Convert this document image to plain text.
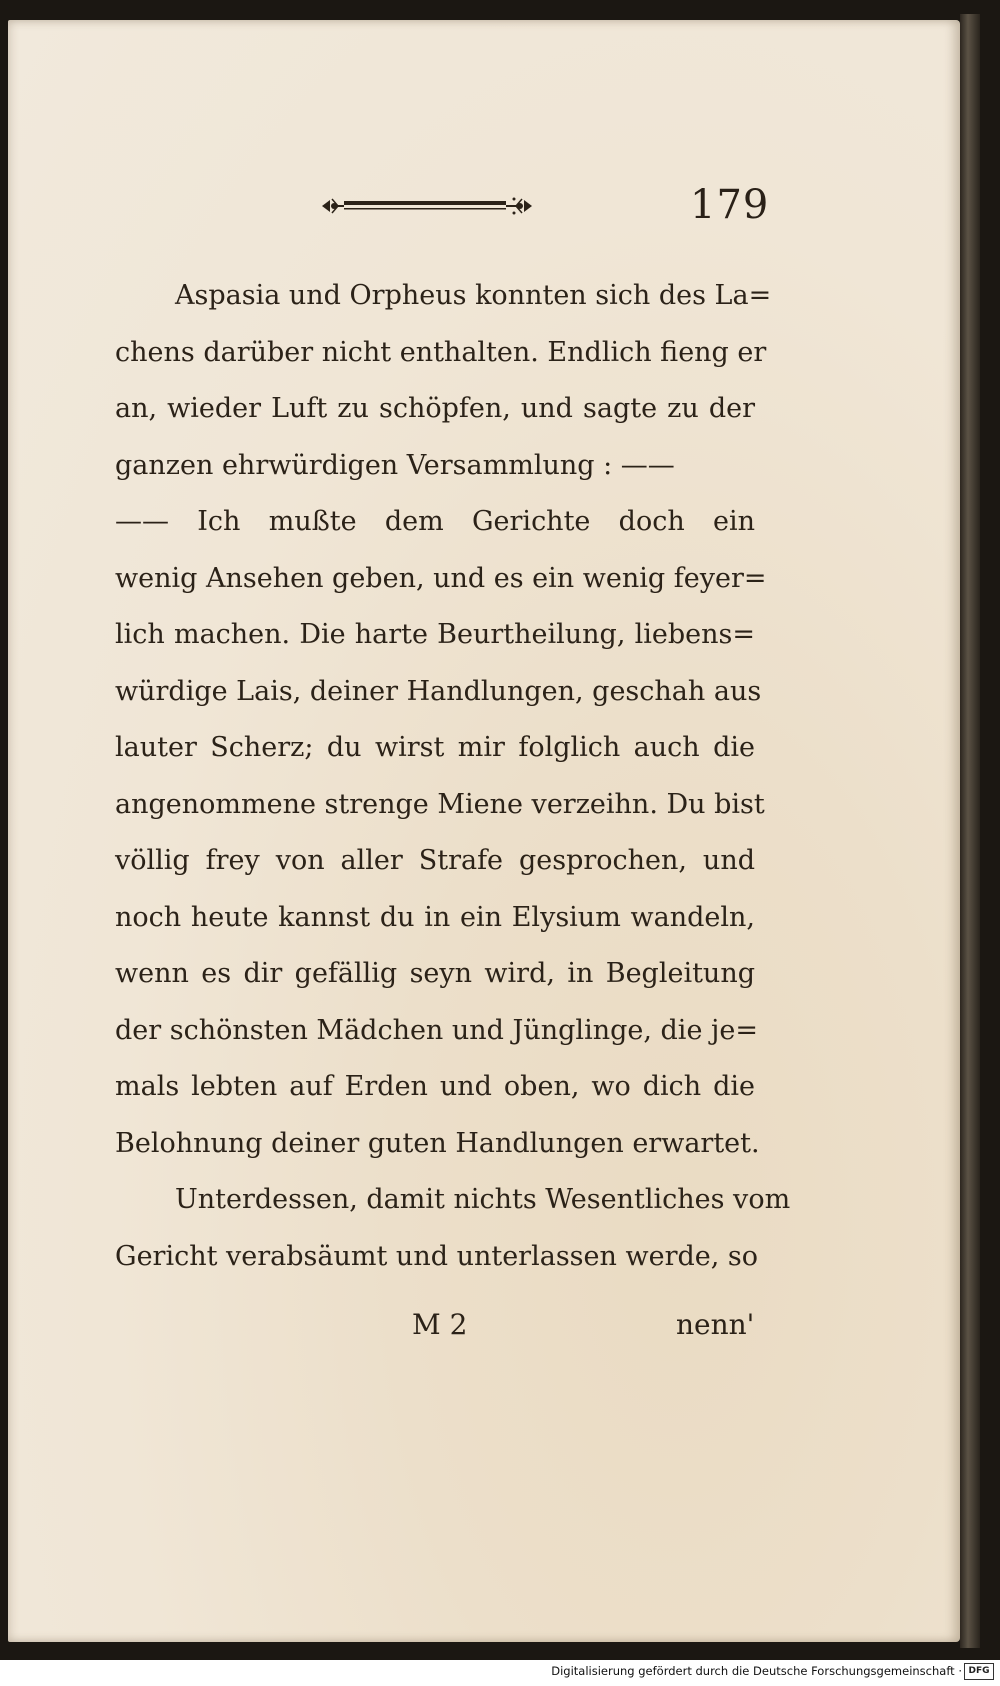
179
Aspasia und Orpheus konnten sich des La=
chens darüber nicht enthalten. Endlich fieng er
an, wieder Luft zu schöpfen, und sagte zu der
ganzen ehrwürdigen Versammlung : ——
—— Ich mußte dem Gerichte doch ein
wenig Ansehen geben, und es ein wenig feyer=
lich machen. Die harte Beurtheilung, liebens=
würdige Lais, deiner Handlungen, geschah aus
lauter Scherz; du wirst mir folglich auch die
angenommene strenge Miene verzeihn. Du bist
völlig frey von aller Strafe gesprochen, und
noch heute kannst du in ein Elysium wandeln,
wenn es dir gefällig seyn wird, in Begleitung
der schönsten Mädchen und Jünglinge, die je=
mals lebten auf Erden und oben, wo dich die
Belohnung deiner guten Handlungen erwartet.
Unterdessen, damit nichts Wesentliches vom
Gericht verabsäumt und unterlassen werde, so
M 2	nenn'
Digitalisierung gefördert durch die Deutsche Forschungsgemeinschaft · DFG
